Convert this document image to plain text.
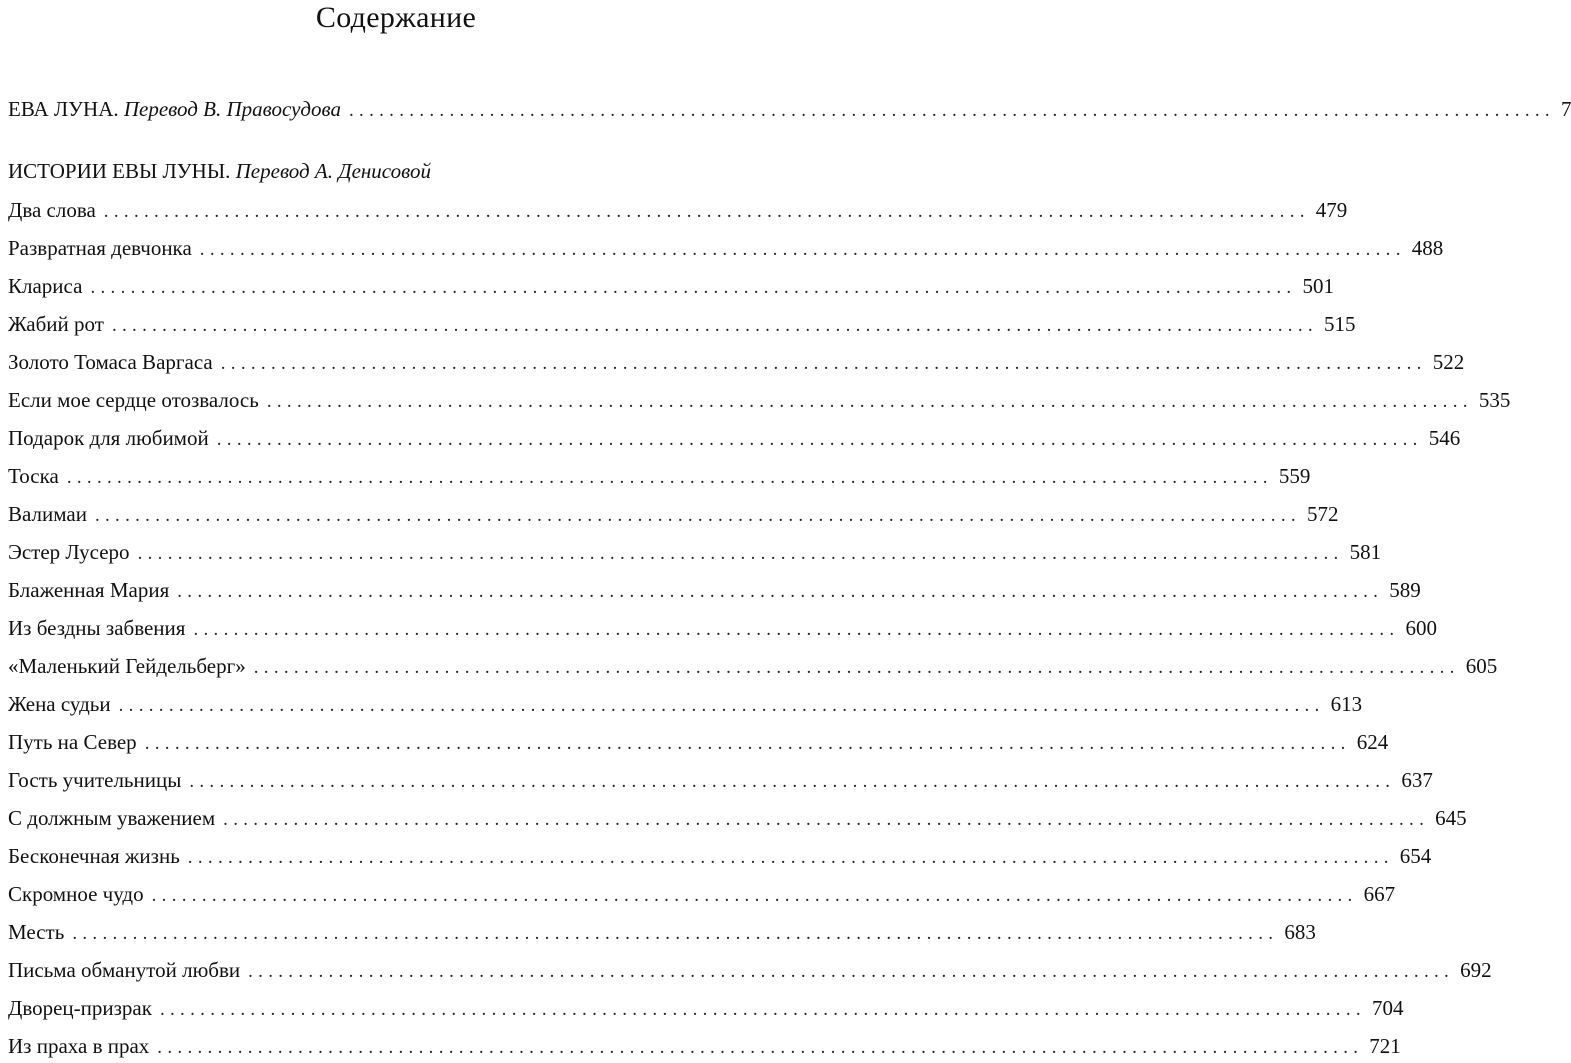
Содержание
ЕВА ЛУНА. Перевод В. Правосудова ........................................................................................................................ 7
ИСТОРИИ ЕВЫ ЛУНЫ. Перевод А. Денисовой
Два слова ........................................................................................................................ 479
Развратная девчонка ........................................................................................................................ 488
Клариса ........................................................................................................................ 501
Жабий рот ........................................................................................................................ 515
Золото Томаса Варгаса ........................................................................................................................ 522
Если мое сердце отозвалось ........................................................................................................................ 535
Подарок для любимой ........................................................................................................................ 546
Тоска ........................................................................................................................ 559
Валимаи ........................................................................................................................ 572
Эстер Лусеро ........................................................................................................................ 581
Блаженная Мария ........................................................................................................................ 589
Из бездны забвения ........................................................................................................................ 600
«Маленький Гейдельберг» ........................................................................................................................ 605
Жена судьи ........................................................................................................................ 613
Путь на Север ........................................................................................................................ 624
Гость учительницы ........................................................................................................................ 637
С должным уважением ........................................................................................................................ 645
Бесконечная жизнь ........................................................................................................................ 654
Скромное чудо ........................................................................................................................ 667
Месть ........................................................................................................................ 683
Письма обманутой любви ........................................................................................................................ 692
Дворец-призрак ........................................................................................................................ 704
Из праха в прах ........................................................................................................................ 721
